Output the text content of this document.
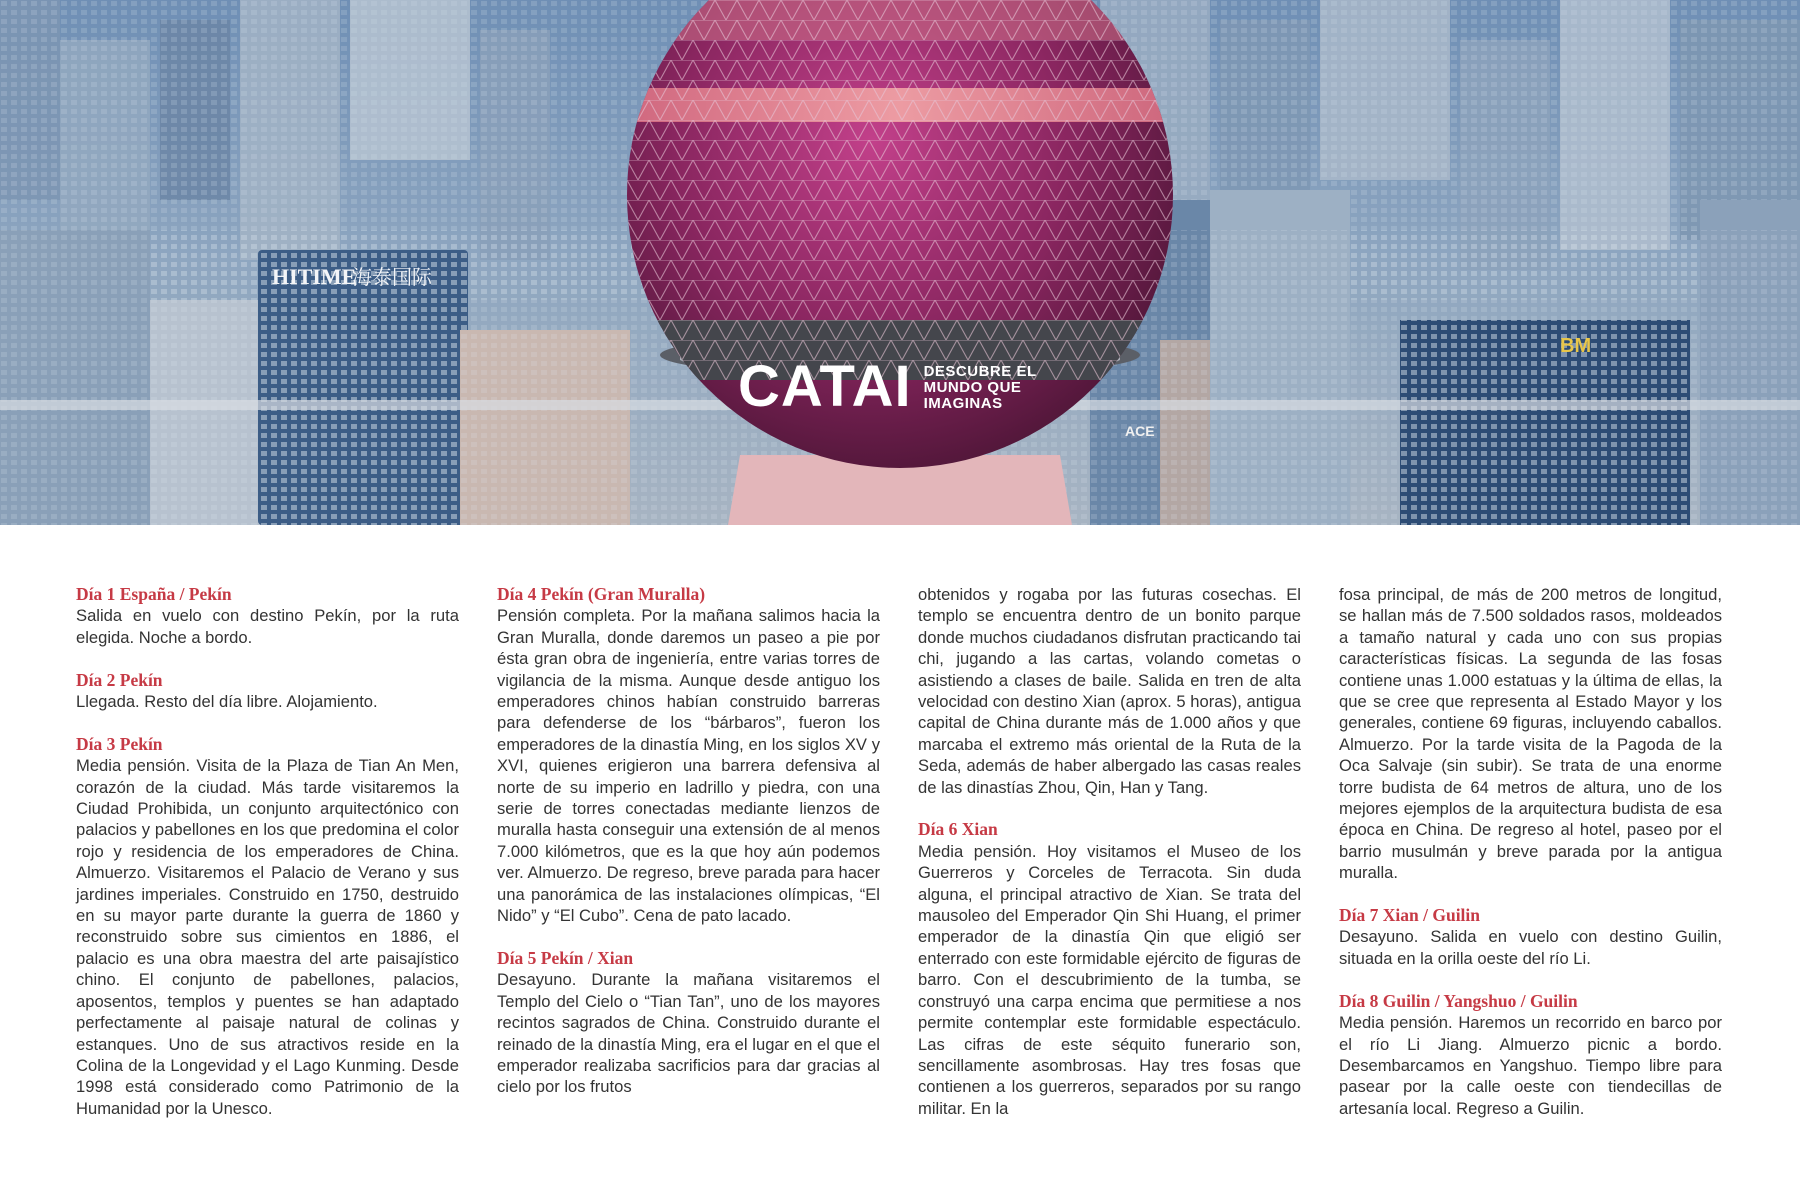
HITIME
海泰国际
BM
ACE
CATAI DESCUBRE EL MUNDO QUE IMAGINAS
Día 1 España / Pekín

Salida en vuelo con destino Pekín, por la ruta elegida. Noche a bordo.

Día 2 Pekín

Llegada. Resto del día libre. Alojamiento.

Día 3 Pekín

Media pensión. Visita de la Plaza de Tian An Men, corazón de la ciudad. Más tarde visitaremos la Ciudad Prohibida, un conjunto arquitectónico con palacios y pabellones en los que predomina el color rojo y residencia de los emperadores de China. Almuerzo. Visitaremos el Palacio de Verano y sus jardines imperiales. Construido en 1750, destruido en su mayor parte durante la guerra de 1860 y reconstruido sobre sus cimientos en 1886, el palacio es una obra maestra del arte paisajístico chino. El conjunto de pabellones, palacios, aposentos, templos y puentes se han adaptado perfectamente al paisaje natural de colinas y estanques. Uno de sus atractivos reside en la Colina de la Longevidad y el Lago Kunming. Desde 1998 está considerado como Patrimonio de la Humanidad por la Unesco.

Día 4 Pekín (Gran Muralla)

Pensión completa. Por la mañana salimos hacia la Gran Muralla, donde daremos un paseo a pie por ésta gran obra de ingeniería, entre varias torres de vigilancia de la misma. Aunque desde antiguo los emperadores chinos habían construido barreras para defenderse de los “bárbaros”, fueron los emperadores de la dinastía Ming, en los siglos XV y XVI, quienes erigieron una barrera defensiva al norte de su imperio en ladrillo y piedra, con una serie de torres conectadas mediante lienzos de muralla hasta conseguir una extensión de al menos 7.000 kilómetros, que es la que hoy aún podemos ver. Almuerzo. De regreso, breve parada para hacer una panorámica de las instalaciones olímpicas, “El Nido” y “El Cubo”. Cena de pato lacado.

Día 5 Pekín / Xian

Desayuno. Durante la mañana visitaremos el Templo del Cielo o “Tian Tan”, uno de los mayores recintos sagrados de China. Construido durante el reinado de la dinastía Ming, era el lugar en el que el emperador realizaba sacrificios para dar gracias al cielo por los frutos

obtenidos y rogaba por las futuras cosechas. El templo se encuentra dentro de un bonito parque donde muchos ciudadanos disfrutan practicando tai chi, jugando a las cartas, volando cometas o asistiendo a clases de baile. Salida en tren de alta velocidad con destino Xian (aprox. 5 horas), antigua capital de China durante más de 1.000 años y que marcaba el extremo más oriental de la Ruta de la Seda, además de haber albergado las casas reales de las dinastías Zhou, Qin, Han y Tang.

Día 6 Xian

Media pensión. Hoy visitamos el Museo de los Guerreros y Corceles de Terracota. Sin duda alguna, el principal atractivo de Xian. Se trata del mausoleo del Emperador Qin Shi Huang, el primer emperador de la dinastía Qin que eligió ser enterrado con este formidable ejército de figuras de barro. Con el descubrimiento de la tumba, se construyó una carpa encima que permitiese a nos permite contemplar este formidable espectáculo. Las cifras de este séquito funerario son, sencillamente asombrosas. Hay tres fosas que contienen a los guerreros, separados por su rango militar. En la

fosa principal, de más de 200 metros de longitud, se hallan más de 7.500 soldados rasos, moldeados a tamaño natural y cada uno con sus propias características físicas. La segunda de las fosas contiene unas 1.000 estatuas y la última de ellas, la que se cree que representa al Estado Mayor y los generales, contiene 69 figuras, incluyendo caballos. Almuerzo. Por la tarde visita de la Pagoda de la Oca Salvaje (sin subir). Se trata de una enorme torre budista de 64 metros de altura, uno de los mejores ejemplos de la arquitectura budista de esa época en China. De regreso al hotel, paseo por el barrio musulmán y breve parada por la antigua muralla.

Día 7 Xian / Guilin

Desayuno. Salida en vuelo con destino Guilin, situada en la orilla oeste del río Li.

Día 8 Guilin / Yangshuo / Guilin

Media pensión. Haremos un recorrido en barco por el río Li Jiang. Almuerzo picnic a bordo. Desembarcamos en Yangshuo. Tiempo libre para pasear por la calle oeste con tiendecillas de artesanía local. Regreso a Guilin.
